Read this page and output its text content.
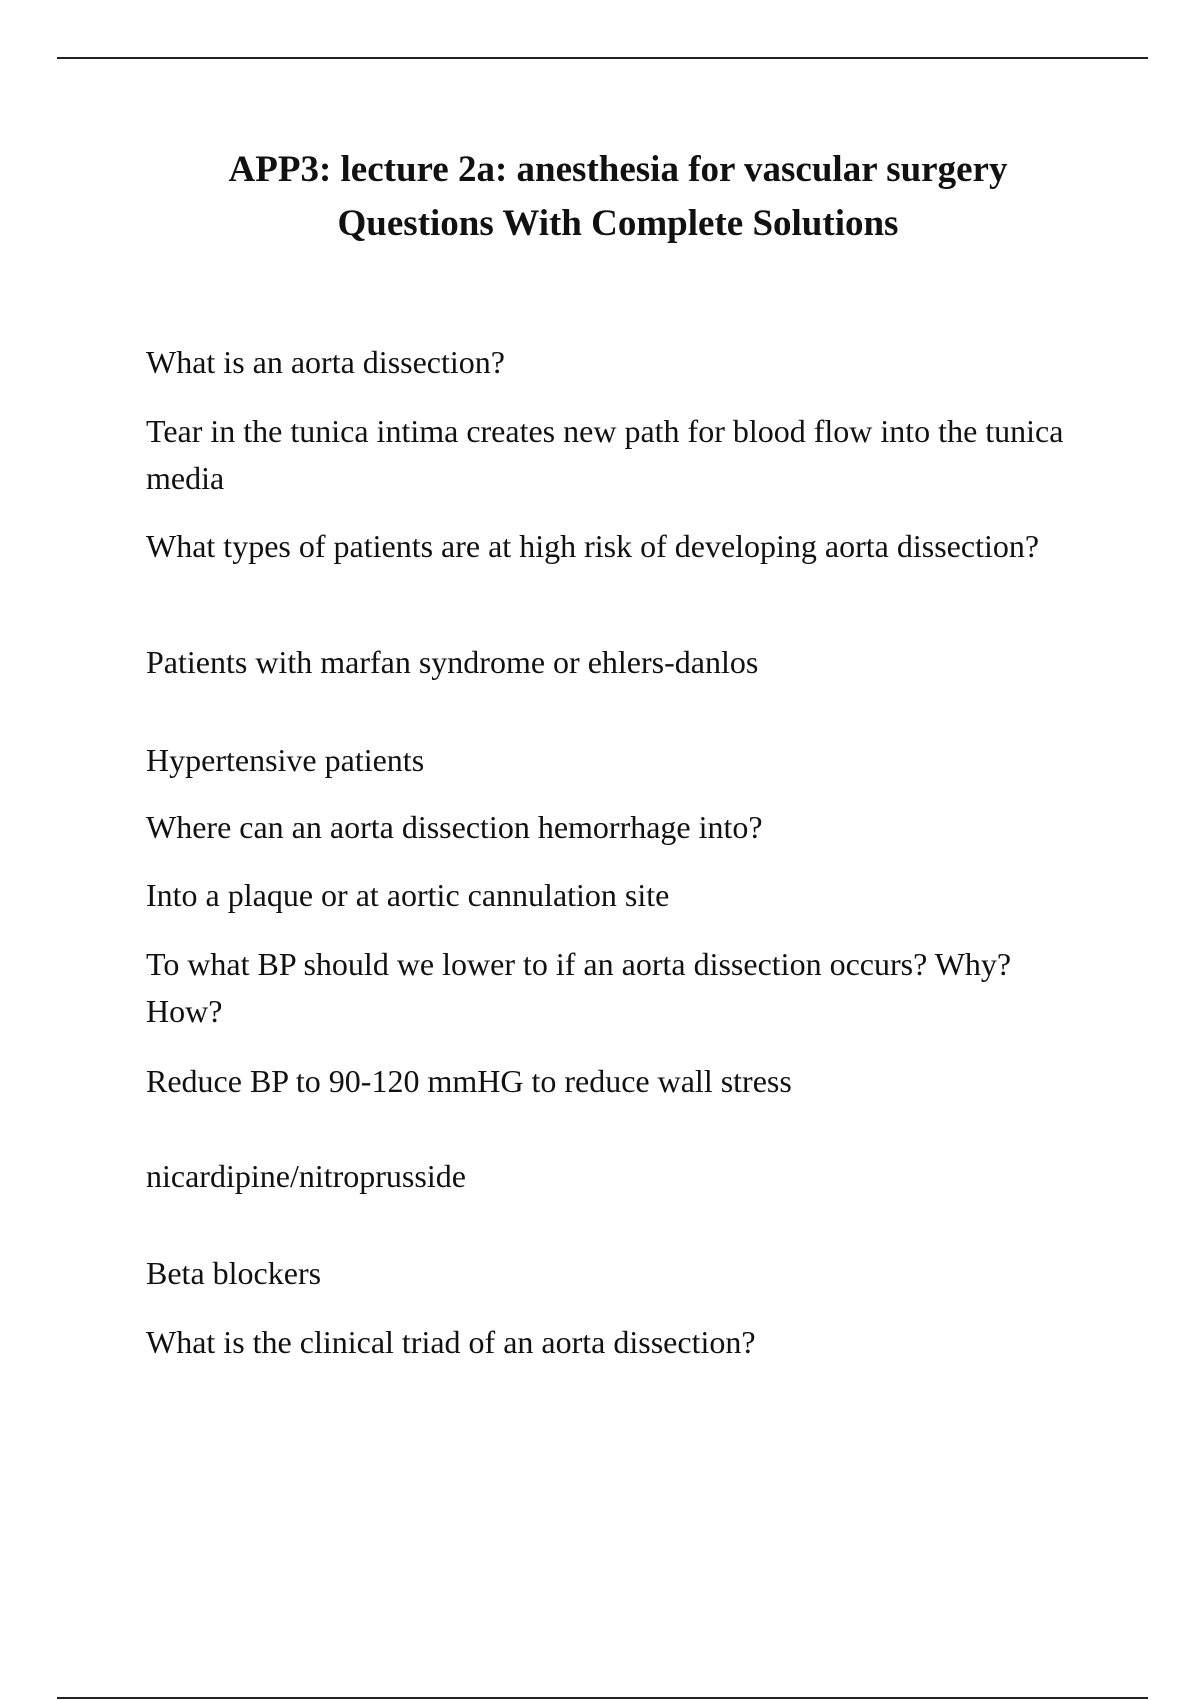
APP3: lecture 2a: anesthesia for vascular surgery
Questions With Complete Solutions
What is an aorta dissection?
Tear in the tunica intima creates new path for blood flow into the tunica media
What types of patients are at high risk of developing aorta dissection?
Patients with marfan syndrome or ehlers-danlos
Hypertensive patients
Where can an aorta dissection hemorrhage into?
Into a plaque or at aortic cannulation site
To what BP should we lower to if an aorta dissection occurs? Why? How?
Reduce BP to 90-120 mmHG to reduce wall stress
nicardipine/nitroprusside
Beta blockers
What is the clinical triad of an aorta dissection?
